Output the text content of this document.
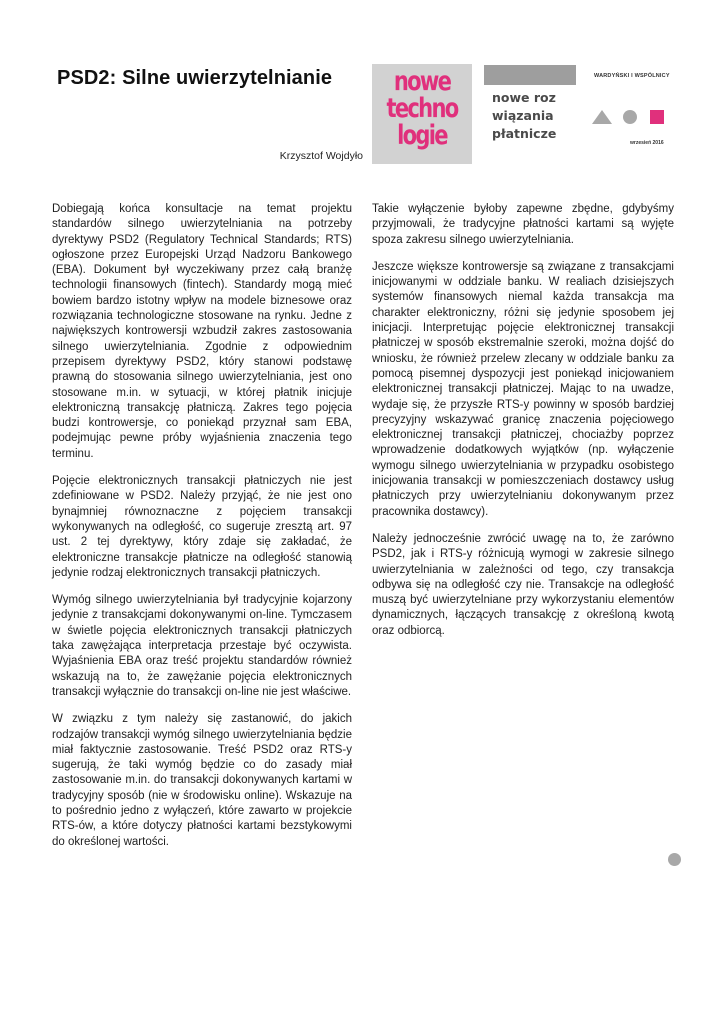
PSD2: Silne uwierzytelnianie
Krzysztof Wojdyło
nowe
techno
logie
nowe roz
wiązania
płatnicze
WARDYŃSKI I WSPÓLNICY
wrzesień 2016

Dobiegają końca konsultacje na temat projektu standardów silnego uwierzytelniania na potrzeby dyrektywy PSD2 (Regulatory Technical Standards; RTS) ogłoszone przez Europejski Urząd Nadzoru Bankowego (EBA). Dokument był wyczekiwany przez całą branżę technologii finansowych (fintech). Standardy mogą mieć bowiem bardzo istotny wpływ na modele biznesowe oraz rozwiązania technologiczne stosowane na rynku. Jedne z największych kontrowersji wzbudził zakres zastosowania silnego uwierzytelniania. Zgodnie z odpowiednim przepisem dyrektywy PSD2, który stanowi podstawę prawną do stosowania silnego uwierzytelniania, jest ono stosowane m.in. w sytuacji, w której płatnik inicjuje elektroniczną transakcję płatniczą. Zakres tego pojęcia budzi kontrowersje, co poniekąd przyznał sam EBA, podejmując pewne próby wyjaśnienia znaczenia tego terminu.

Pojęcie elektronicznych transakcji płatniczych nie jest zdefiniowane w PSD2. Należy przyjąć, że nie jest ono bynajmniej równoznaczne z pojęciem transakcji wykonywanych na odległość, co sugeruje zresztą art. 97 ust. 2 tej dyrektywy, który zdaje się zakładać, że elektroniczne transakcje płatnicze na odległość stanowią jedynie rodzaj elektronicznych transakcji płatniczych.

Wymóg silnego uwierzytelniania był tradycyjnie kojarzony jedynie z transakcjami dokonywanymi on-line. Tymczasem w świetle pojęcia elektronicznych transakcji płatniczych taka zawężająca interpretacja przestaje być oczywista. Wyjaśnienia EBA oraz treść projektu standardów również wskazują na to, że zawężanie pojęcia elektronicznych transakcji wyłącznie do transakcji on-line nie jest właściwe.

W związku z tym należy się zastanowić, do jakich rodzajów transakcji wymóg silnego uwierzytelniania będzie miał faktycznie zastosowanie. Treść PSD2 oraz RTS-y sugerują, że taki wymóg będzie co do zasady miał zastosowanie m.in. do transakcji dokonywanych kartami w tradycyjny sposób (nie w środowisku online). Wskazuje na to pośrednio jedno z wyłączeń, które zawarto w projekcie RTS-ów, a które dotyczy płatności kartami bezstykowymi do określonej wartości.

Takie wyłączenie byłoby zapewne zbędne, gdybyśmy przyjmowali, że tradycyjne płatności kartami są wyjęte spoza zakresu silnego uwierzytelniania.

Jeszcze większe kontrowersje są związane z transakcjami inicjowanymi w oddziale banku. W realiach dzisiejszych systemów finansowych niemal każda transakcja ma charakter elektroniczny, różni się jedynie sposobem jej inicjacji. Interpretując pojęcie elektronicznej transakcji płatniczej w sposób ekstremalnie szeroki, można dojść do wniosku, że również przelew zlecany w oddziale banku za pomocą pisemnej dyspozycji jest poniekąd inicjowaniem elektronicznej transakcji płatniczej. Mając to na uwadze, wydaje się, że przyszłe RTS-y powinny w sposób bardziej precyzyjny wskazywać granicę znaczenia pojęciowego elektronicznej transakcji płatniczej, chociażby poprzez wprowadzenie dodatkowych wyjątków (np. wyłączenie wymogu silnego uwierzytelniania w przypadku osobistego inicjowania transakcji w pomieszczeniach dostawcy usług płatniczych przy uwierzytelnianiu dokonywanym przez pracownika dostawcy).

Należy jednocześnie zwrócić uwagę na to, że zarówno PSD2, jak i RTS-y różnicują wymogi w zakresie silnego uwierzytelniania w zależności od tego, czy transakcja odbywa się na odległość czy nie. Transakcje na odległość muszą być uwierzytelniane przy wykorzystaniu elementów dynamicznych, łączących transakcję z określoną kwotą oraz odbiorcą.
